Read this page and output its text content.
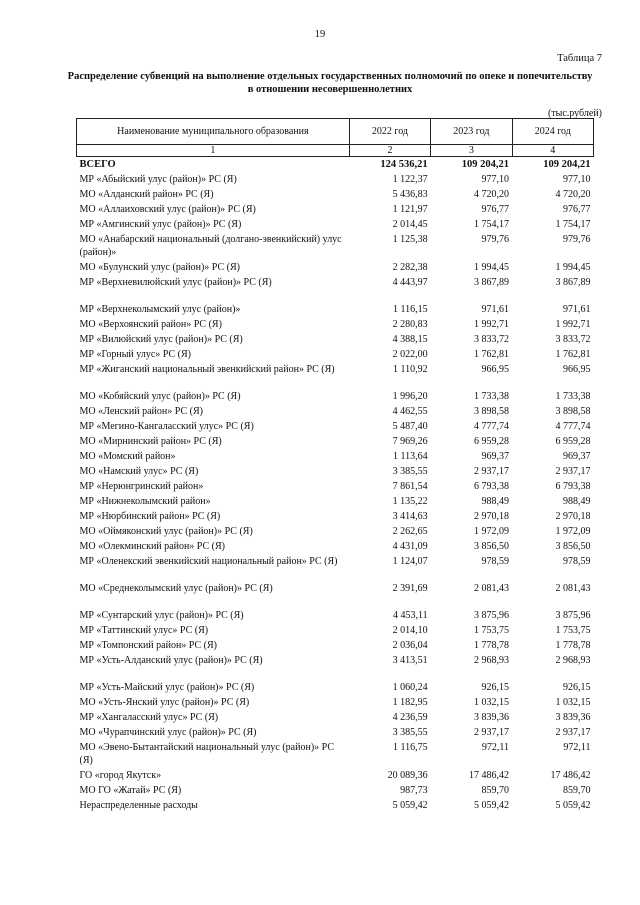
19
Таблица 7
Распределение субвенций на выполнение отдельных государственных полномочий по опеке и попечительству
в отношении несовершеннолетних
(тыс.рублей)
Наименование муниципального образования	2022 год	2023 год	2024 год
1	2	3	4
ВСЕГО	124 536,21	109 204,21	109 204,21
МР «Абыйский улус (район)» РС (Я)	1 122,37	977,10	977,10
МО «Алданский район» РС (Я)	5 436,83	4 720,20	4 720,20
МО «Аллаиховский улус (район)» РС (Я)	1 121,97	976,77	976,77
МР «Амгинский улус (район)» РС (Я)	2 014,45	1 754,17	1 754,17
МО «Анабарский национальный (долгано-эвенкийский) улус (район)»	1 125,38	979,76	979,76
МО «Булунский улус (район)» РС (Я)	2 282,38	1 994,45	1 994,45
МР «Верхневилюйский улус (район)» РС (Я)	4 443,97	3 867,89	3 867,89

МР «Верхнеколымский улус (район)»	1 116,15	971,61	971,61
МО «Верхоянский район» РС (Я)	2 280,83	1 992,71	1 992,71
МР «Вилюйский улус (район)» РС (Я)	4 388,15	3 833,72	3 833,72
МР «Горный улус» РС (Я)	2 022,00	1 762,81	1 762,81
МР «Жиганский национальный эвенкийский район» РС (Я)	1 110,92	966,95	966,95

МО «Кобяйский улус (район)» РС (Я)	1 996,20	1 733,38	1 733,38
МО «Ленский район» РС (Я)	4 462,55	3 898,58	3 898,58
МР «Мегино-Кангаласский улус» РС (Я)	5 487,40	4 777,74	4 777,74
МО «Мирнинский район» РС (Я)	7 969,26	6 959,28	6 959,28
МО «Момский район»	1 113,64	969,37	969,37
МО «Намский улус» РС (Я)	3 385,55	2 937,17	2 937,17
МР «Нерюнгринский район»	7 861,54	6 793,38	6 793,38
МР «Нижнеколымский район»	1 135,22	988,49	988,49
МР «Нюрбинский район» РС (Я)	3 414,63	2 970,18	2 970,18
МО «Оймяконский улус (район)» РС (Я)	2 262,65	1 972,09	1 972,09
МО «Олекминский район» РС (Я)	4 431,09	3 856,50	3 856,50
МР «Оленекский эвенкийский национальный район» РС (Я)	1 124,07	978,59	978,59

МО «Среднеколымский улус (район)» РС (Я)	2 391,69	2 081,43	2 081,43

МР «Сунтарский улус (район)» РС (Я)	4 453,11	3 875,96	3 875,96
МР «Таттинский улус» РС (Я)	2 014,10	1 753,75	1 753,75
МР «Томпонский район» РС (Я)	2 036,04	1 778,78	1 778,78
МР «Усть-Алданский улус (район)» РС (Я)	3 413,51	2 968,93	2 968,93

МР «Усть-Майский улус (район)» РС (Я)	1 060,24	926,15	926,15
МО «Усть-Янский улус (район)» РС (Я)	1 182,95	1 032,15	1 032,15
МР «Хангаласский улус» РС (Я)	4 236,59	3 839,36	3 839,36
МО «Чурапчинский улус (район)» РС (Я)	3 385,55	2 937,17	2 937,17
МО «Эвено-Бытантайский национальный улус (район)» РС (Я)	1 116,75	972,11	972,11
ГО «город Якутск»	20 089,36	17 486,42	17 486,42
МО ГО «Жатай» РС (Я)	987,73	859,70	859,70
Нераспределенные расходы	5 059,42	5 059,42	5 059,42
